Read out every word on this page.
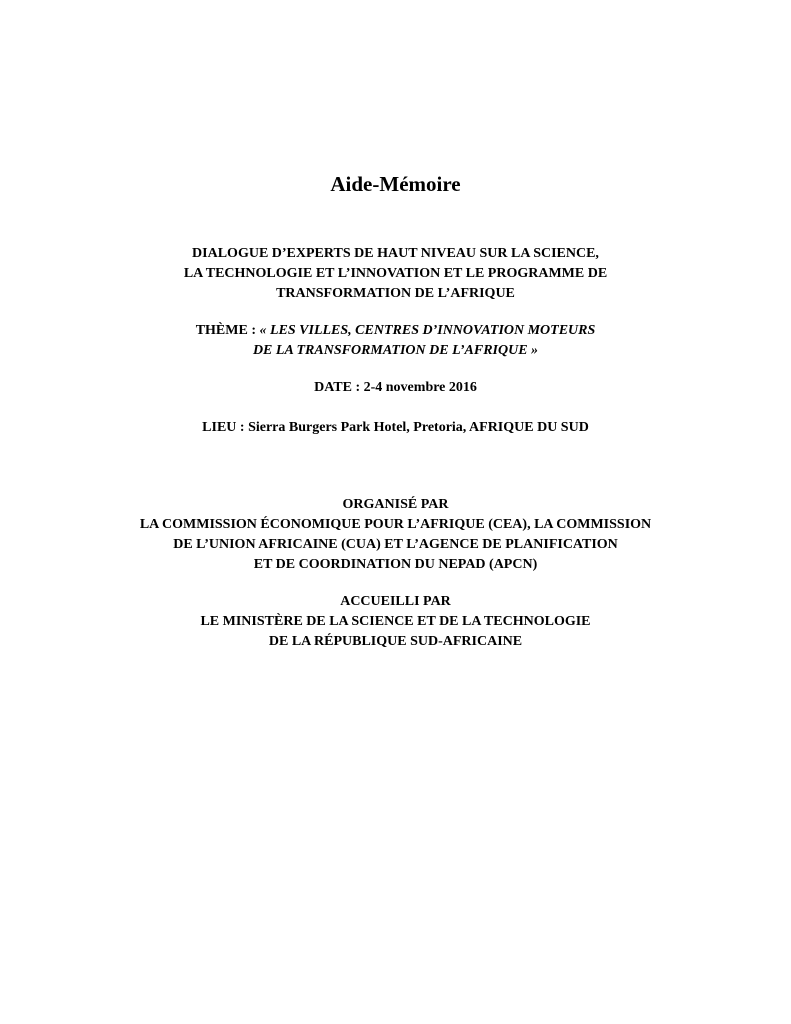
Aide-Mémoire
DIALOGUE D’EXPERTS DE HAUT NIVEAU SUR LA SCIENCE,
LA TECHNOLOGIE ET L’INNOVATION ET LE PROGRAMME DE
TRANSFORMATION DE L’AFRIQUE
THÈME : « LES VILLES, CENTRES D’INNOVATION MOTEURS
DE LA TRANSFORMATION DE L’AFRIQUE »
DATE : 2-4 novembre 2016
LIEU : Sierra Burgers Park Hotel, Pretoria, AFRIQUE DU SUD
ORGANISÉ PAR
LA COMMISSION ÉCONOMIQUE POUR L’AFRIQUE (CEA), LA COMMISSION
DE L’UNION AFRICAINE (CUA) ET L’AGENCE DE PLANIFICATION
ET DE COORDINATION DU NEPAD (APCN)
ACCUEILLI PAR
LE MINISTÈRE DE LA SCIENCE ET DE LA TECHNOLOGIE
DE LA RÉPUBLIQUE SUD-AFRICAINE
